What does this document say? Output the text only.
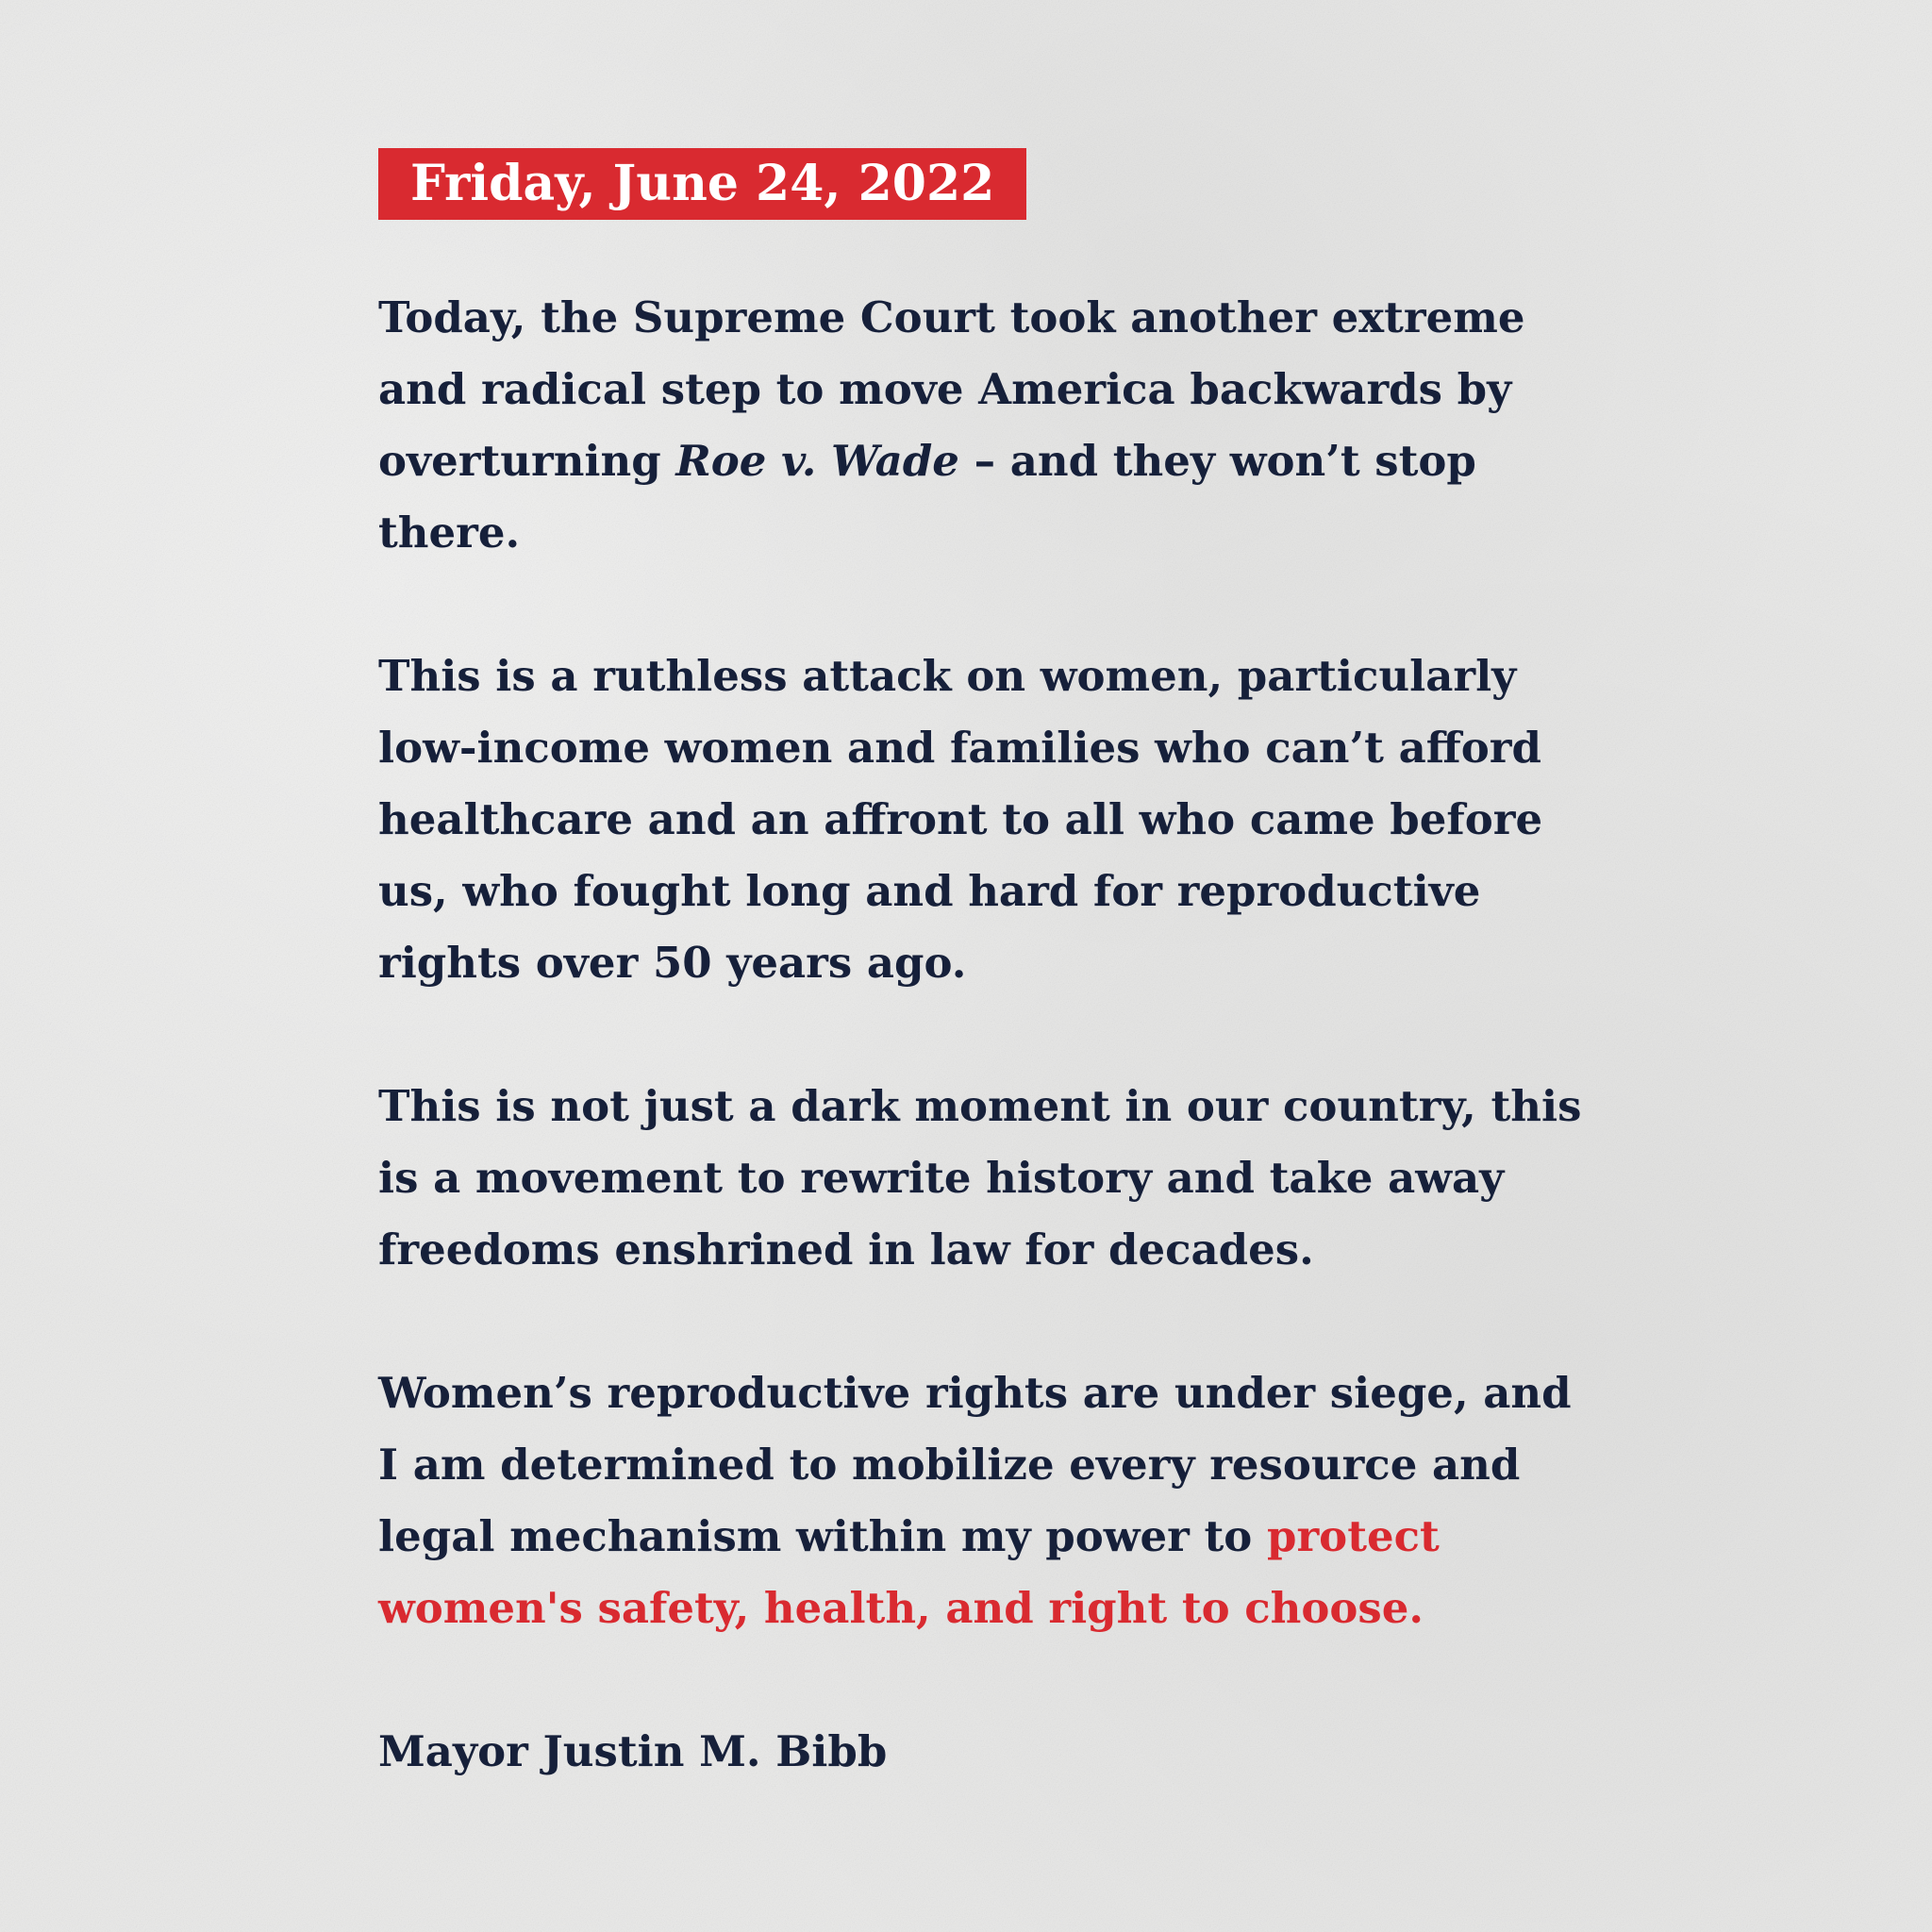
Friday, June 24, 2022

Today, the Supreme Court took another extreme and radical step to move America backwards by overturning Roe v. Wade – and they won’t stop there.

This is a ruthless attack on women, particularly low-income women and families who can’t afford healthcare and an affront to all who came before us, who fought long and hard for reproductive rights over 50 years ago.

This is not just a dark moment in our country, this is a movement to rewrite history and take away freedoms enshrined in law for decades.

Women’s reproductive rights are under siege, and I am determined to mobilize every resource and legal mechanism within my power to protect women's safety, health, and right to choose.

Mayor Justin M. Bibb
